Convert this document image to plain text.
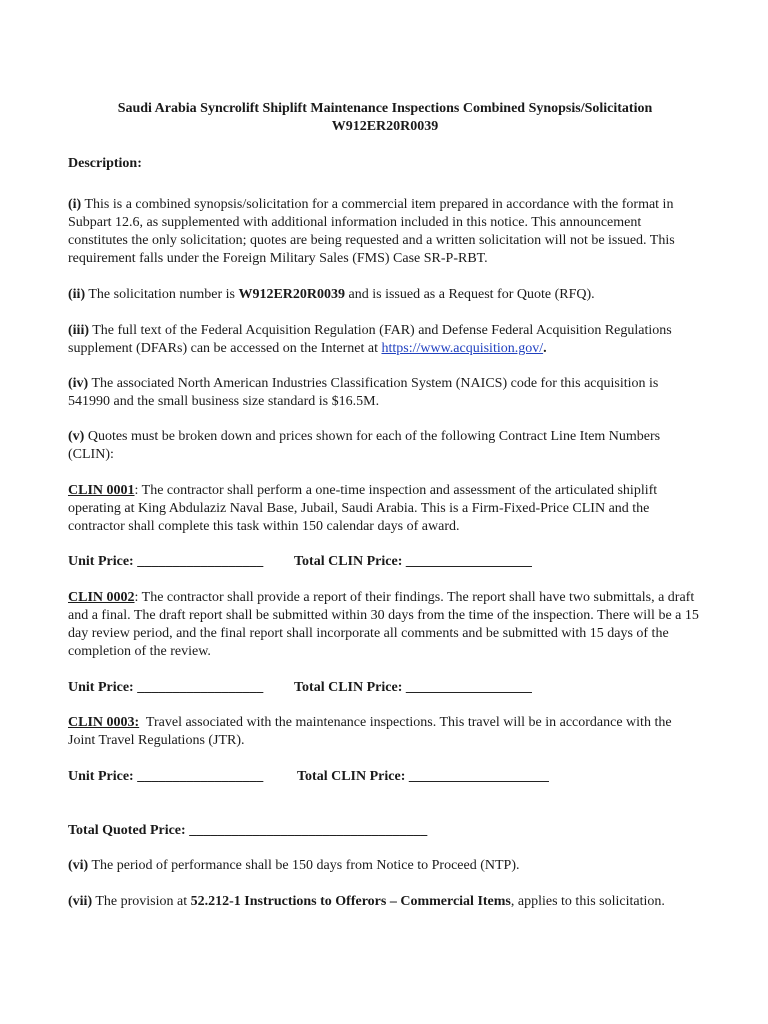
Saudi Arabia Syncrolift Shiplift Maintenance Inspections Combined Synopsis/Solicitation
W912ER20R0039
Description:
(i) This is a combined synopsis/solicitation for a commercial item prepared in accordance with the format in Subpart 12.6, as supplemented with additional information included in this notice. This announcement constitutes the only solicitation; quotes are being requested and a written solicitation will not be issued. This requirement falls under the Foreign Military Sales (FMS) Case SR-P-RBT.
(ii) The solicitation number is W912ER20R0039 and is issued as a Request for Quote (RFQ).
(iii) The full text of the Federal Acquisition Regulation (FAR) and Defense Federal Acquisition Regulations supplement (DFARs) can be accessed on the Internet at https://www.acquisition.gov/.
(iv) The associated North American Industries Classification System (NAICS) code for this acquisition is 541990 and the small business size standard is $16.5M.
(v) Quotes must be broken down and prices shown for each of the following Contract Line Item Numbers (CLIN):
CLIN 0001: The contractor shall perform a one-time inspection and assessment of the articulated shiplift operating at King Abdulaziz Naval Base, Jubail, Saudi Arabia. This is a Firm-Fixed-Price CLIN and the contractor shall complete this task within 150 calendar days of award.
Unit Price: __________________ Total CLIN Price: __________________
CLIN 0002: The contractor shall provide a report of their findings. The report shall have two submittals, a draft and a final. The draft report shall be submitted within 30 days from the time of the inspection. There will be a 15 day review period, and the final report shall incorporate all comments and be submitted with 15 days of the completion of the review.
Unit Price: __________________ Total CLIN Price: __________________
CLIN 0003: Travel associated with the maintenance inspections. This travel will be in accordance with the Joint Travel Regulations (JTR).
Unit Price: __________________ Total CLIN Price: ____________________
Total Quoted Price: __________________________________
(vi) The period of performance shall be 150 days from Notice to Proceed (NTP).
(vii) The provision at 52.212-1 Instructions to Offerors – Commercial Items, applies to this solicitation.
